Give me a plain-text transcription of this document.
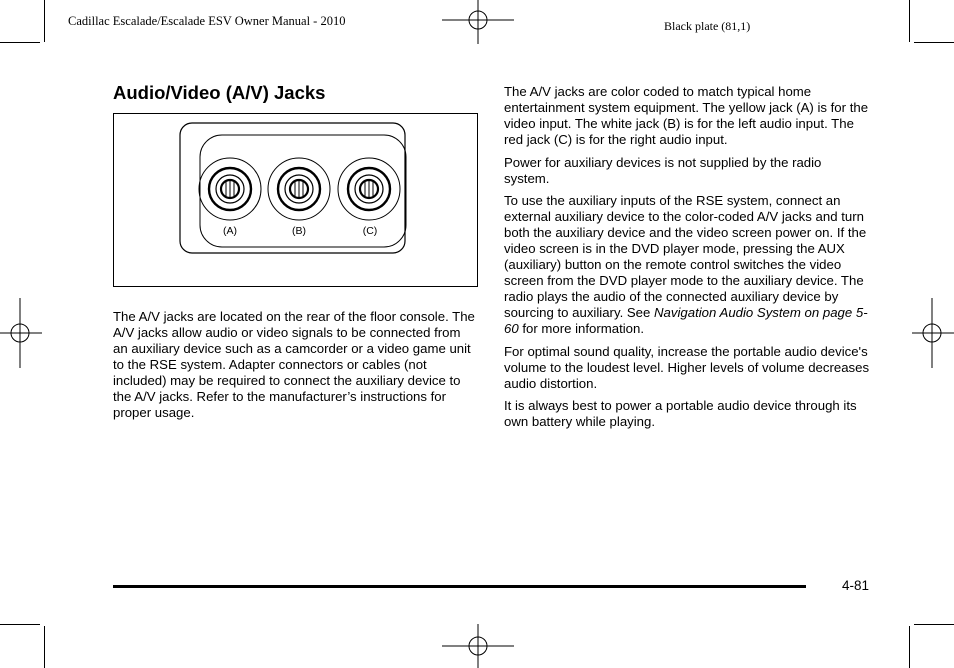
Cadillac Escalade/Escalade ESV Owner Manual - 2010	Black plate (81,1)
Audio/Video (A/V) Jacks
(A)	(B)	(C)

The A/V jacks are located on the rear of the floor console. The A/V jacks allow audio or video signals to be connected from an auxiliary device such as a camcorder or a video game unit to the RSE system. Adapter connectors or cables (not included) may be required to connect the auxiliary device to the A/V jacks. Refer to the manufacturer’s instructions for proper usage.

The A/V jacks are color coded to match typical home entertainment system equipment. The yellow jack (A) is for the video input. The white jack (B) is for the left audio input. The red jack (C) is for the right audio input.

Power for auxiliary devices is not supplied by the radio system.

To use the auxiliary inputs of the RSE system, connect an external auxiliary device to the color-coded A/V jacks and turn both the auxiliary device and the video screen power on. If the video screen is in the DVD player mode, pressing the AUX (auxiliary) button on the remote control switches the video screen from the DVD player mode to the auxiliary device. The radio plays the audio of the connected auxiliary device by sourcing to auxiliary. See Navigation Audio System on page 5-60 for more information.

For optimal sound quality, increase the portable audio device's volume to the loudest level. Higher levels of volume decreases audio distortion.

It is always best to power a portable audio device through its own battery while playing.

4-81
